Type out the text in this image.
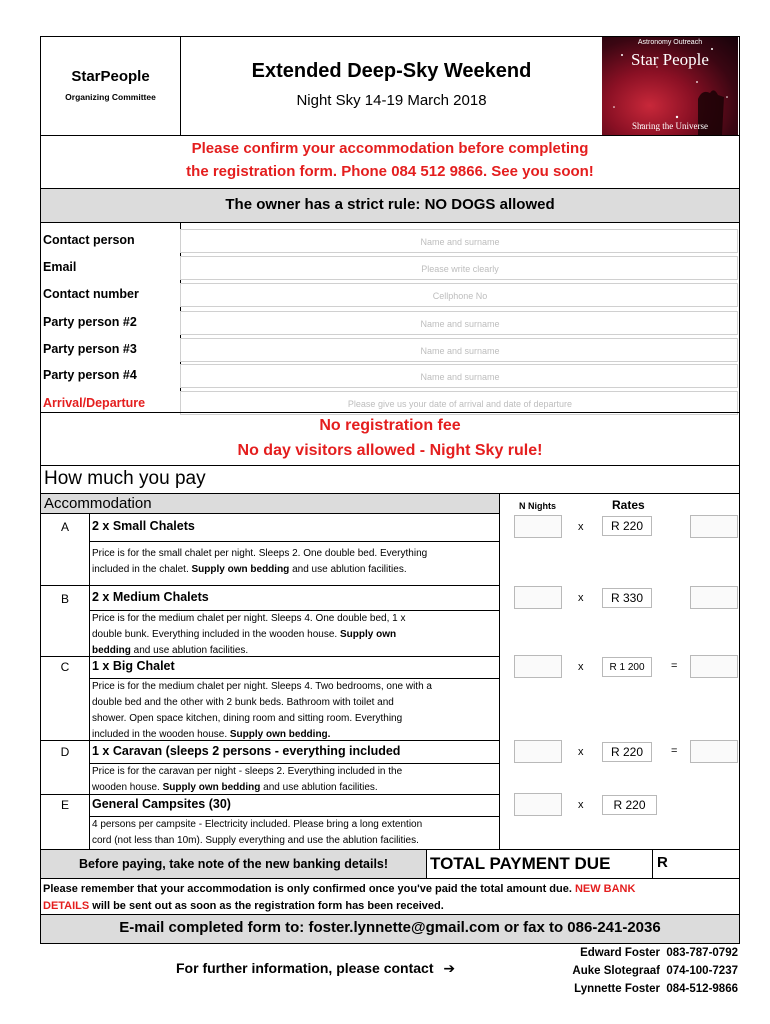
StarPeople
Organizing Committee
Extended Deep-Sky Weekend
Night Sky 14-19 March 2018
Astronomy Outreach
Star People
Sharing the Universe
Please confirm your accommodation before completing
the registration form. Phone 084 512 9866. See you soon!
The owner has a strict rule: NO DOGS allowed
Contact person	Name and surname
Email	Please write clearly
Contact number	Cellphone No
Party person #2	Name and surname
Party person #3	Name and surname
Party person #4	Name and surname
Arrival/Departure	Please give us your date of arrival and date of departure
No registration fee
No day visitors allowed - Night Sky rule!
How much you pay
Accommodation	N Nights	Rates
A	2 x Small Chalets
Price is for the small chalet per night. Sleeps 2. One double bed. Everything
included in the chalet. Supply own bedding and use ablution facilities.
x	R 220
B	2 x Medium Chalets
Price is for the medium chalet per night. Sleeps 4. One double bed, 1 x
double bunk. Everything included in the wooden house. Supply own
bedding and use ablution facilities.
x	R 330
C	1 x Big Chalet
Price is for the medium chalet per night. Sleeps 4. Two bedrooms, one with a
double bed and the other with 2 bunk beds. Bathroom with toilet and
shower. Open space kitchen, dining room and sitting room. Everything
included in the wooden house. Supply own bedding.
x	R 1 200	=
D	1 x Caravan (sleeps 2 persons - everything included
Price is for the caravan per night - sleeps 2. Everything included in the
wooden house. Supply own bedding and use ablution facilities.
x	R 220	=
E	General Campsites (30)
4 persons per campsite - Electricity included. Please bring a long extention
cord (not less than 10m). Supply everything and use the ablution facilities.
x	R 220
Before paying, take note of the new banking details!	TOTAL PAYMENT DUE	R
Please remember that your accommodation is only confirmed once you've paid the total amount due. NEW BANK
DETAILS will be sent out as soon as the registration form has been received.
E-mail completed form to: foster.lynnette@gmail.com or fax to 086-241-2036
For further information, please contact ➔
Edward Foster 083-787-0792
Auke Slotegraaf 074-100-7237
Lynnette Foster 084-512-9866
